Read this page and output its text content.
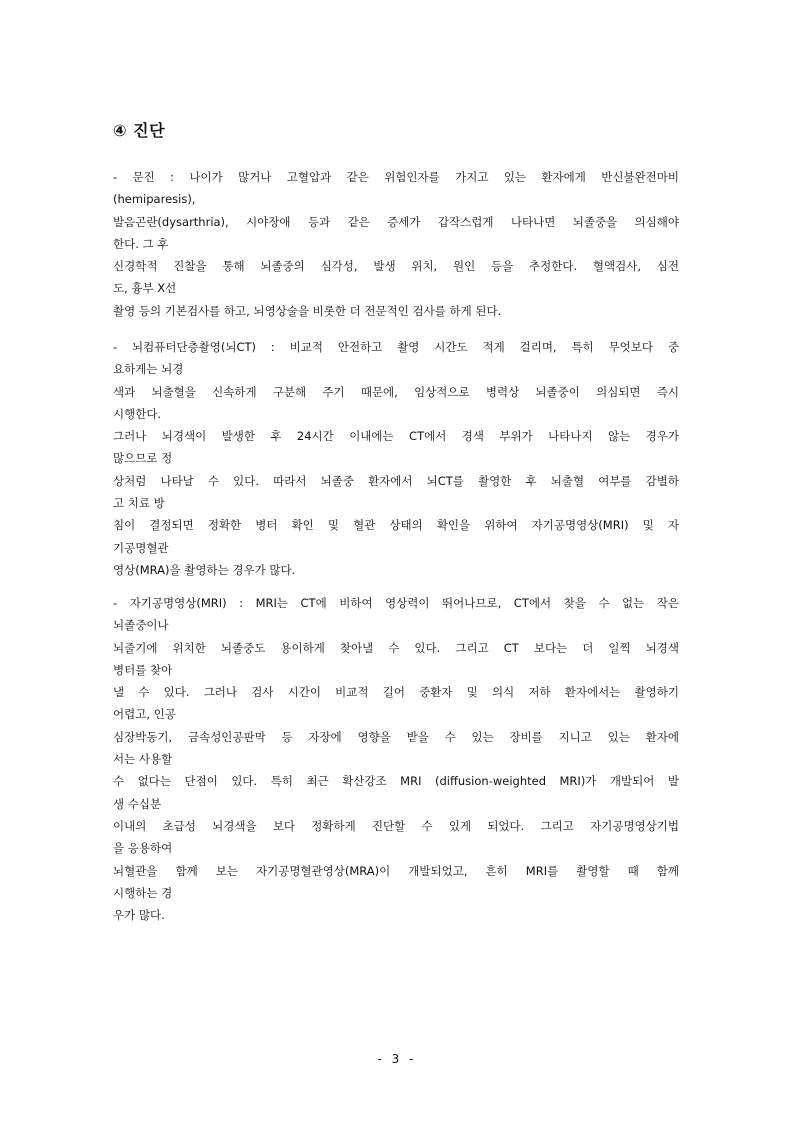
④ 진단
- 문진 : 나이가 많거나 고혈압과 같은 위험인자를 가지고 있는 환자에게 반신불완전마비
(hemiparesis),
발음곤란(dysarthria), 시야장애 등과 같은 증세가 갑작스럽게 나타나면 뇌졸중을 의심해야
한다. 그 후
신경학적 진찰을 통해 뇌졸중의 심각성, 발생 위치, 원인 등을 추정한다. 혈액검사, 심전
도, 흉부 X선
촬영 등의 기본검사를 하고, 뇌영상술을 비롯한 더 전문적인 검사를 하게 된다.
- 뇌컴퓨터단층촬영(뇌CT) : 비교적 안전하고 촬영 시간도 적게 걸리며, 특히 무엇보다 중
요하게는 뇌경
색과 뇌출혈을 신속하게 구분해 주기 때문에, 임상적으로 병력상 뇌졸중이 의심되면 즉시
시행한다.
그러나 뇌경색이 발생한 후 24시간 이내에는 CT에서 경색 부위가 나타나지 않는 경우가
많으므로 정
상처럼 나타날 수 있다. 따라서 뇌졸중 환자에서 뇌CT를 촬영한 후 뇌출혈 여부를 감별하
고 치료 방
침이 결정되면 정확한 병터 확인 및 혈관 상태의 확인을 위하여 자기공명영상(MRI) 및 자
기공명혈관
영상(MRA)을 촬영하는 경우가 많다.
- 자기공명영상(MRI) : MRI는 CT에 비하여 영상력이 뛰어나므로, CT에서 찾을 수 없는 작은
뇌졸중이나
뇌줄기에 위치한 뇌졸중도 용이하게 찾아낼 수 있다. 그리고 CT 보다는 더 일찍 뇌경색
병터를 찾아
낼 수 있다. 그러나 검사 시간이 비교적 길어 중환자 및 의식 저하 환자에서는 촬영하기
어렵고, 인공
심장박동기, 금속성인공판막 등 자장에 영향을 받을 수 있는 장비를 지니고 있는 환자에
서는 사용할
수 없다는 단점이 있다. 특히 최근 확산강조 MRI (diffusion-weighted MRI)가 개발되어 발
생 수십분
이내의 초급성 뇌경색을 보다 정확하게 진단할 수 있게 되었다. 그리고 자기공명영상기법
을 응용하여
뇌혈관을 함께 보는 자기공명혈관영상(MRA)이 개발되었고, 흔히 MRI를 촬영할 때 함께
시행하는 경
우가 많다.
- 3 -
